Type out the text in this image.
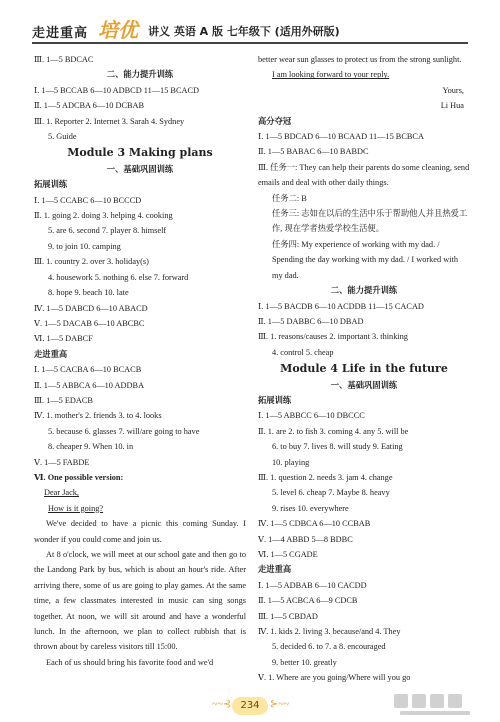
走进重高 培优 讲义 英语 A 版 七年级下 (适用外研版)
Ⅲ. 1—5 BDCAC
二、能力提升训练
Ⅰ. 1—5 BCCAB 6—10 ADBCD 11—15 BCACD
Ⅱ. 1—5 ADCBA 6—10 DCBAB
Ⅲ. 1. Reporter 2. Internet 3. Sarah 4. Sydney
5. Guide
Module 3 Making plans
一、基础巩固训练
拓展训练
Ⅰ. 1—5 CCABC 6—10 BCCCD
Ⅱ. 1. going 2. doing 3. helping 4. cooking
5. are 6. second 7. player 8. himself
9. to join 10. camping
Ⅲ. 1. country 2. over 3. holiday(s)
4. housework 5. nothing 6. else 7. forward
8. hope 9. beach 10. late
Ⅳ. 1—5 DABCD 6—10 ABACD
Ⅴ. 1—5 DACAB 6—10 ABCBC
Ⅵ. 1—5 DABCF
走进重高
Ⅰ. 1—5 CACBA 6—10 BCACB
Ⅱ. 1—5 ABBCA 6—10 ADDBA
Ⅲ. 1—5 EDACB
Ⅳ. 1. mother's 2. friends 3. to 4. looks
5. because 6. glasses 7. will/are going to have
8. cheaper 9. When 10. in
Ⅴ. 1—5 FABDE
Ⅵ. One possible version:
Dear Jack,
How is it going?
We've decided to have a picnic this coming Sunday. I wonder if you could come and join us.
At 8 o'clock, we will meet at our school gate and then go to the Landong Park by bus, which is about an hour's ride. After arriving there, some of us are going to play games. At the same time, a few classmates interested in music can sing songs together. At noon, we will sit around and have a wonderful lunch. In the afternoon, we plan to collect rubbish that is thrown about by careless visitors till 15:00.
Each of us should bring his favorite food and we'd
better wear sun glasses to protect us from the strong sunlight.
I am looking forward to your reply.
Yours,
Li Hua
高分夺冠
Ⅰ. 1—5 BDCAD 6—10 BCAAD 11—15 BCBCA
Ⅱ. 1—5 BABAC 6—10 BABDC
Ⅲ. 任务一: They can help their parents do some cleaning, send emails and deal with other daily things.
任务二: B
任务三: 志如在以后的生活中乐于帮助他人并且热爱工作, 现在学者热爱学校生活便。
任务四: My experience of working with my dad. / Spending the day working with my dad. / I worked with my dad.
二、能力提升训练
Ⅰ. 1—5 BACDB 6—10 ACDDB 11—15 CACAD
Ⅱ. 1—5 DABBC 6—10 DBAD
Ⅲ. 1. reasons/causes 2. important 3. thinking
4. control 5. cheap
Module 4 Life in the future
一、基础巩固训练
拓展训练
Ⅰ. 1—5 ABBCC 6—10 DBCCC
Ⅱ. 1. are 2. to fish 3. coming 4. any 5. will be
6. to buy 7. lives 8. will study 9. Eating
10. playing
Ⅲ. 1. question 2. needs 3. jam 4. change
5. level 6. cheap 7. Maybe 8. heavy
9. rises 10. everywhere
Ⅳ. 1—5 CDBCA 6—10 CCBAB
Ⅴ. 1—4 ABBD 5—8 BDBC
Ⅵ. 1—5 CGADE
走进重高
Ⅰ. 1—5 ADBAB 6—10 CACDD
Ⅱ. 1—5 ACBCA 6—9 CDCB
Ⅲ. 1—5 CBDAD
Ⅳ. 1. kids 2. living 3. because/and 4. They
5. decided 6. to 7. a 8. encouraged
9. better 10. greatly
Ⅴ. 1. Where are you going/Where will you go
~~⊰ 234	⊱~~
